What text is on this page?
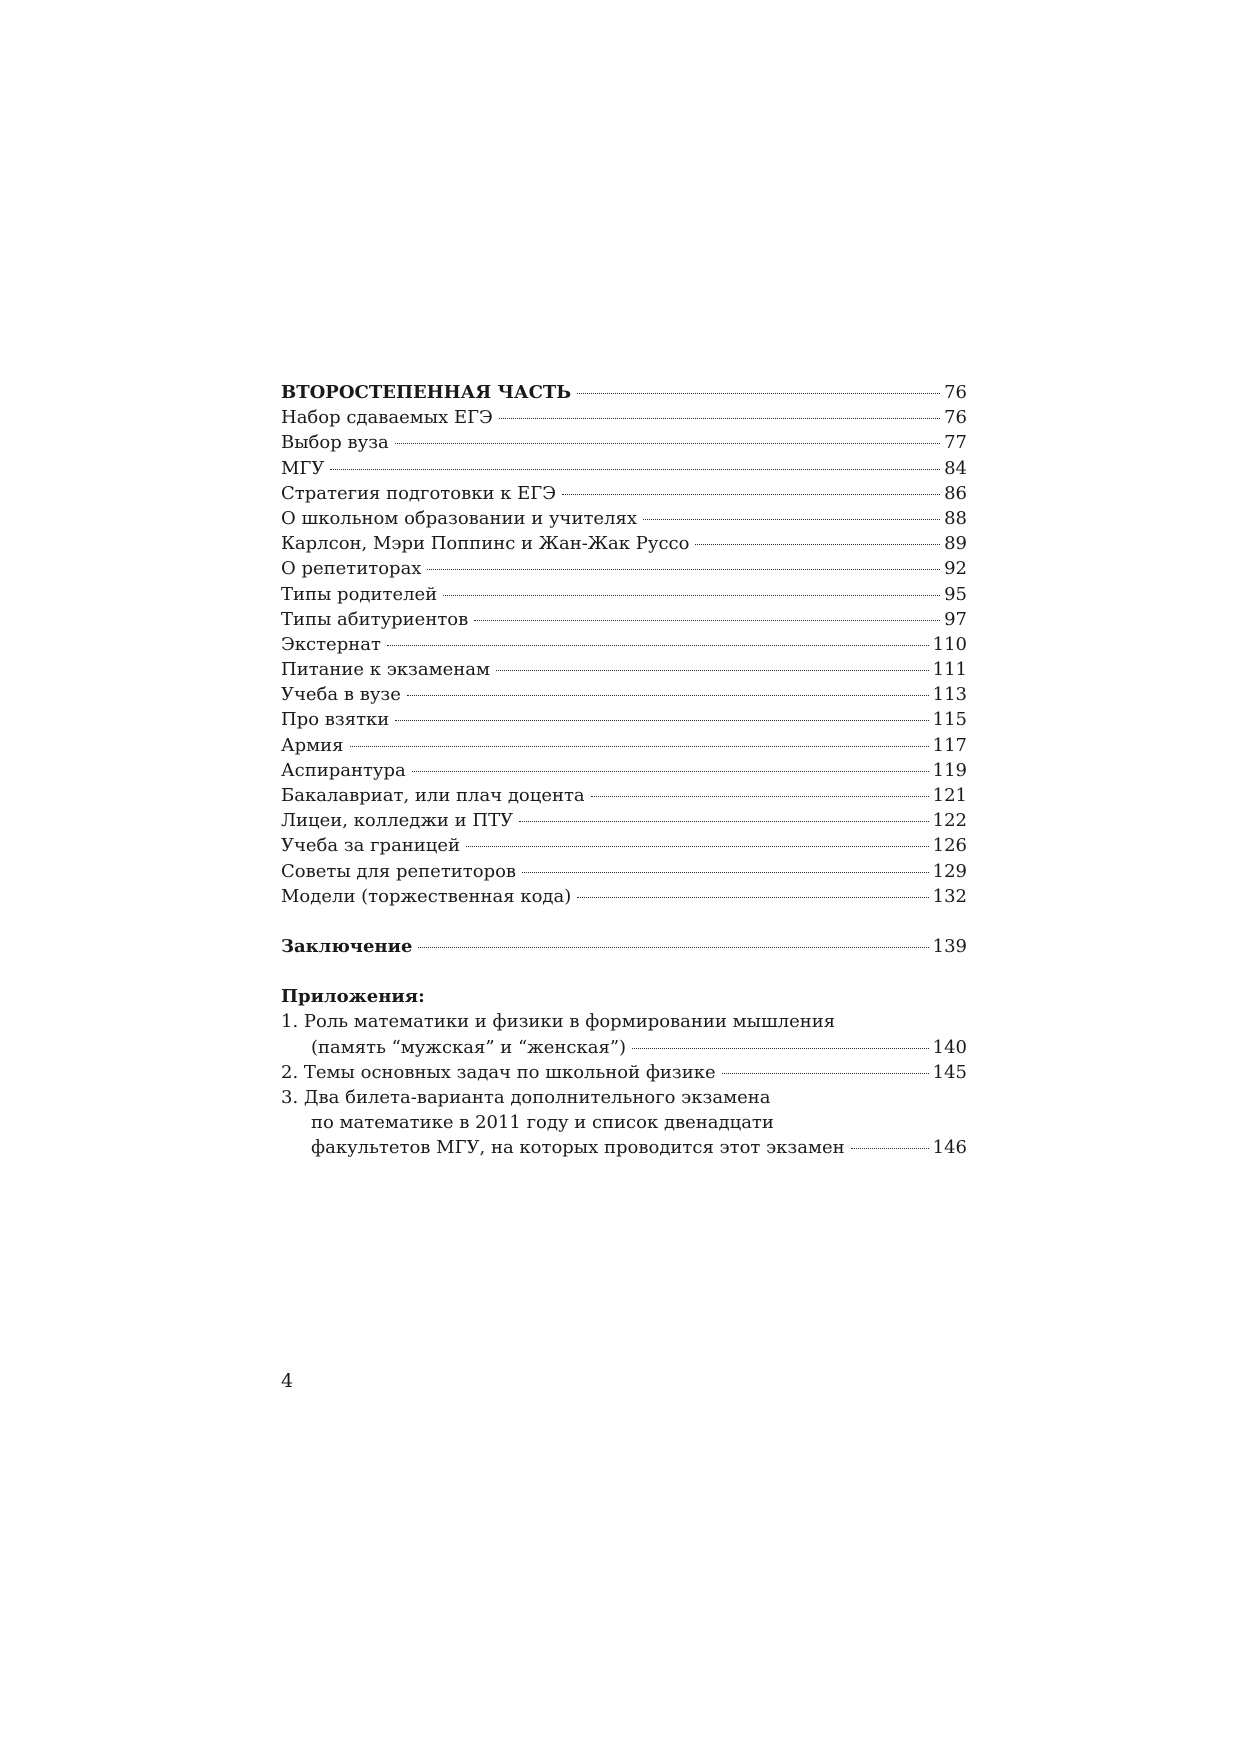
ВТОРОСТЕПЕННАЯ ЧАСТЬ	76
Набор сдаваемых ЕГЭ	76
Выбор вуза	77
МГУ	84
Стратегия подготовки к ЕГЭ	86
О школьном образовании и учителях	88
Карлсон, Мэри Поппинс и Жан-Жак Руссо	89
О репетиторах	92
Типы родителей	95
Типы абитуриентов	97
Экстернат	110
Питание к экзаменам	111
Учеба в вузе	113
Про взятки	115
Армия	117
Аспирантура	119
Бакалавриат, или плач доцента	121
Лицеи, колледжи и ПТУ	122
Учеба за границей	126
Советы для репетиторов	129
Модели (торжественная кода)	132
Заключение	139
Приложения:
1. Роль математики и физики в формировании мышления
(память “мужская” и “женская”)	140
2. Темы основных задач по школьной физике	145
3. Два билета-варианта дополнительного экзамена
по математике в 2011 году и список двенадцати
факультетов МГУ, на которых проводится этот экзамен	146
4
